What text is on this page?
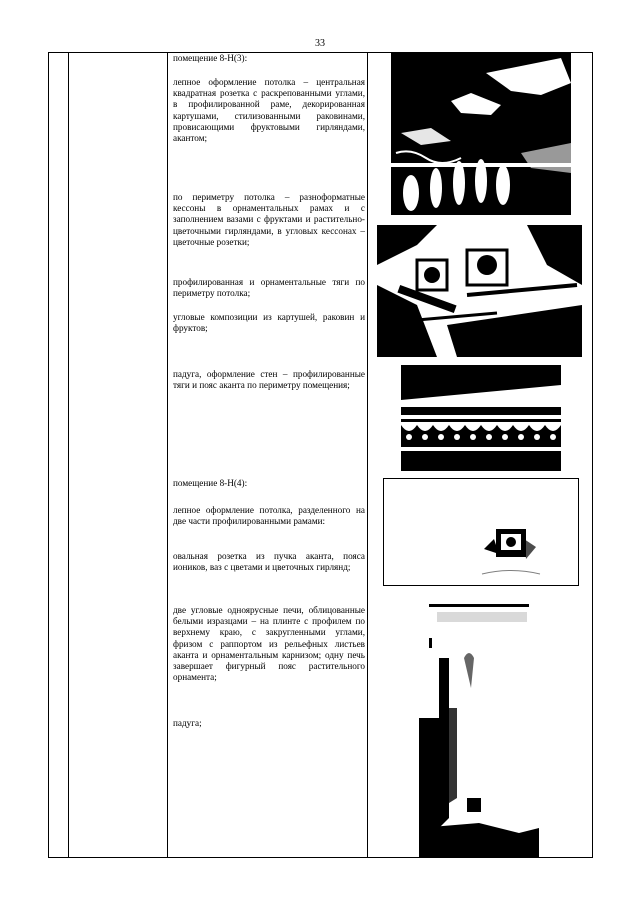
33

помещение 8-Н(3):

лепное оформление потолка – центральная квадратная розетка с раскрепованными углами, в профилированной раме, декорированная картушами, стилизованными раковинами, провисающими фруктовыми гирляндами, акантом;

по периметру потолка – разноформатные кессоны в орнаментальных рамах и с заполнением вазами с фруктами и растительно-цветочными гирляндами, в угловых кессонах – цветочные розетки;

профилированная и орнаментальные тяги по периметру потолка;

угловые композиции из картушей, раковин и фруктов;

падуга, оформление стен – профилированные тяги и пояс аканта по периметру помещения;

помещение 8-Н(4):

лепное оформление потолка, разделенного на две части профилированными рамами:

овальная розетка из пучка аканта, пояса иоников, ваз с цветами и цветочных гирлянд;

две угловые одноярусные печи, облицованные белыми изразцами – на плинте с профилем по верхнему краю, с закругленными углами, фризом с раппортом из рельефных листьев аканта и орнаментальным карнизом; одну печь завершает фигурный пояс растительного орнамента;

падуга;
